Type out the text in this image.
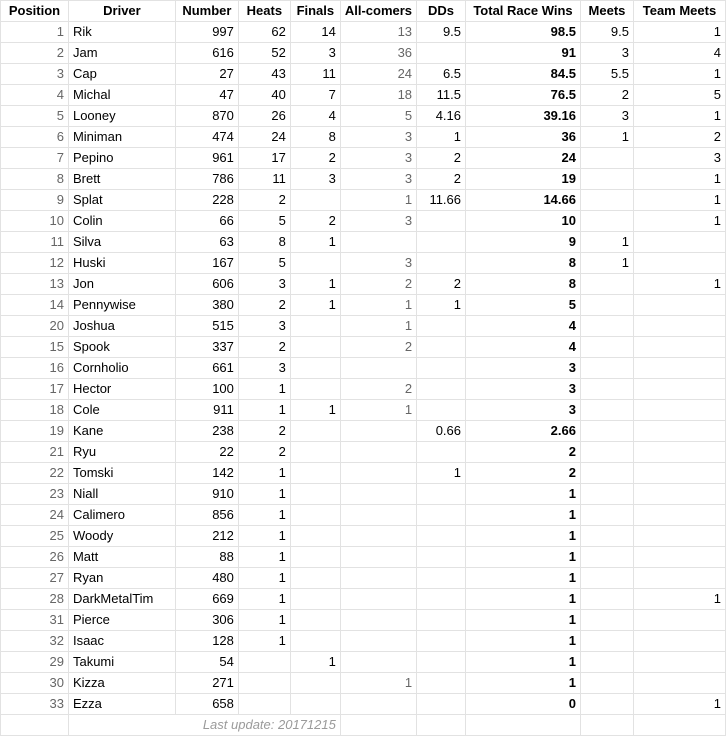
Position	Driver	Number	Heats	Finals	All-comers	DDs	Total Race Wins	Meets	Team Meets
1	Rik	997	62	14	13	9.5	98.5	9.5	1
2	Jam	616	52	3	36		91	3	4
3	Cap	27	43	11	24	6.5	84.5	5.5	1
4	Michal	47	40	7	18	11.5	76.5	2	5
5	Looney	870	26	4	5	4.16	39.16	3	1
6	Miniman	474	24	8	3	1	36	1	2
7	Pepino	961	17	2	3	2	24		3
8	Brett	786	11	3	3	2	19		1
9	Splat	228	2		1	11.66	14.66		1
10	Colin	66	5	2	3		10		1
11	Silva	63	8	1			9	1	
12	Huski	167	5		3		8	1	
13	Jon	606	3	1	2	2	8		1
14	Pennywise	380	2	1	1	1	5		
20	Joshua	515	3		1		4		
15	Spook	337	2		2		4		
16	Cornholio	661	3				3		
17	Hector	100	1		2		3		
18	Cole	911	1	1	1		3		
19	Kane	238	2			0.66	2.66		
21	Ryu	22	2				2		
22	Tomski	142	1			1	2		
23	Niall	910	1				1		
24	Calimero	856	1				1		
25	Woody	212	1				1		
26	Matt	88	1				1		
27	Ryan	480	1				1		
28	DarkMetalTim	669	1				1		1
31	Pierce	306	1				1		
32	Isaac	128	1				1		
29	Takumi	54		1			1		
30	Kizza	271			1		1		
33	Ezza	658					0		1
	Last update: 20171215								
